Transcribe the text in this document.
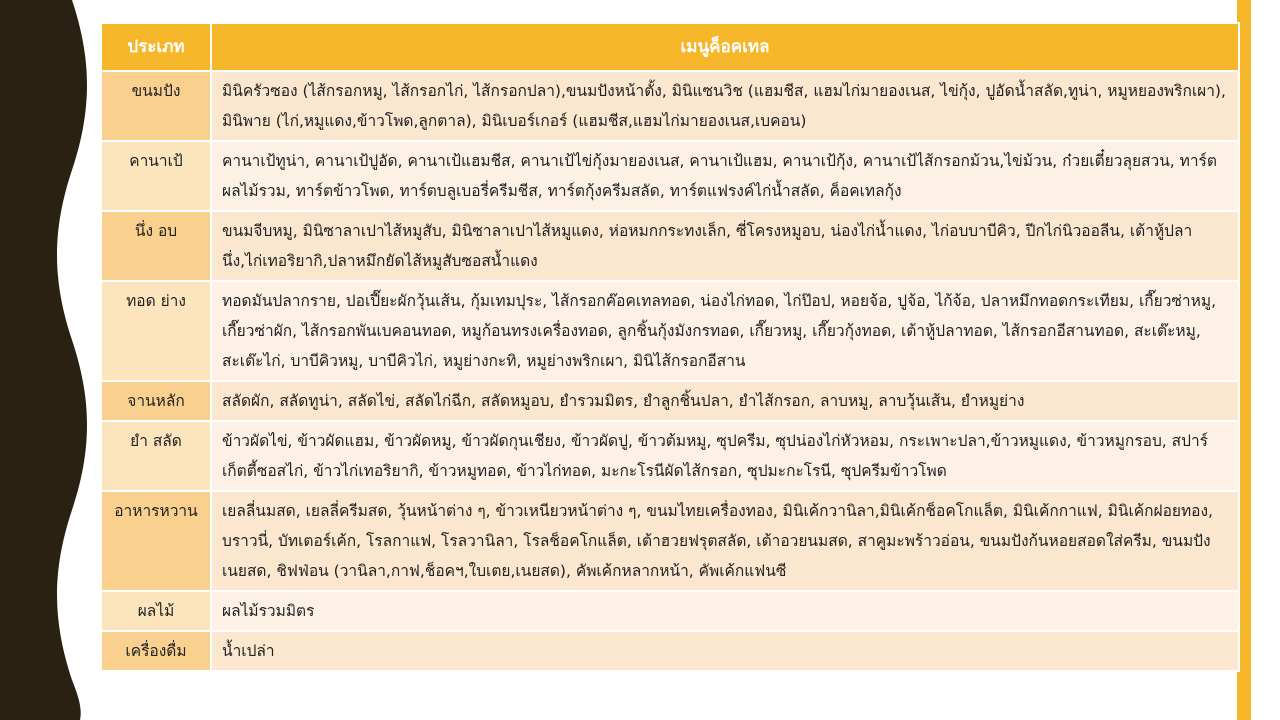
ประเภท	เมนูค็อคเทล
ขนมปัง	มินิครัวซอง (ไส้กรอกหมู, ไส้กรอกไก่, ไส้กรอกปลา),ขนมปังหน้าตั้ง, มินิแซนวิช (แฮมชีส, แฮมไก่มายองเนส, ไข่กุ้ง, ปูอัดน้ำสลัด,ทูน่า, หมูหยองพริกเผา), มินิพาย (ไก่,หมูแดง,ข้าวโพด,ลูกตาล), มินิเบอร์เกอร์ (แฮมชีส,แฮมไก่มายองเนส,เบคอน)
คานาเป้	คานาเป้ทูน่า, คานาเป้ปูอัด, คานาเป้แฮมชีส, คานาเป้ไข่กุ้งมายองเนส, คานาเป้แฮม, คานาเป้กุ้ง, คานาเป้ไส้กรอกม้วน,ไข่ม้วน, ก๋วยเตี๋ยวลุยสวน, ทาร์ตผลไม้รวม, ทาร์ตข้าวโพด, ทาร์ตบลูเบอรี่ครีมชีส, ทาร์ตกุ้งครีมสลัด, ทาร์ตแฟรงค์ไก่น้ำสลัด, ค็อคเทลกุ้ง
นึ่ง อบ	ขนมจีบหมู, มินิซาลาเปาไส้หมูสับ, มินิซาลาเปาไส้หมูแดง, ห่อหมกกระทงเล็ก, ซี่โครงหมูอบ, น่องไก่น้ำแดง, ไก่อบบาบีคิว, ปีกไก่นิวออลีน, เต้าหู้ปลานึ่ง,ไก่เทอริยากิ,ปลาหมึกยัดไส้หมูสับซอสน้ำแดง
ทอด ย่าง	ทอดมันปลากราย, ปอเปี๊ยะผักวุ้นเส้น, กุ้มเทมปุระ, ไส้กรอกค๊อคเทลทอด, น่องไก่ทอด, ไก่ป๊อป, หอยจ้อ, ปูจ้อ, ไก้จ้อ, ปลาหมึกทอดกระเทียม, เกี๊ยวซ่าหมู, เกี๊ยวซ่าผัก, ไส้กรอกพันเบคอนทอด, หมูก้อนทรงเครื่องทอด, ลูกชิ้นกุ้งมังกรทอด, เกี๊ยวหมู, เกี๊ยวกุ้งทอด, เต้าหู้ปลาทอด, ไส้กรอกอีสานทอด, สะเต๊ะหมู, สะเต๊ะไก่, บาบีคิวหมู, บาบีคิวไก่, หมูย่างกะทิ, หมูย่างพริกเผา, มินิไส้กรอกอีสาน
จานหลัก	สลัดผัก, สลัดทูน่า, สลัดไข่, สลัดไก่ฉีก, สลัดหมูอบ, ยำรวมมิตร, ยำลูกชิ้นปลา, ยำไส้กรอก, ลาบหมู, ลาบวุ้นเส้น, ยำหมูย่าง
ยำ สลัด	ข้าวผัดไข่, ข้าวผัดแฮม, ข้าวผัดหมู, ข้าวผัดกุนเชียง, ข้าวผัดปู, ข้าวต้มหมู, ซุปครีม, ซุปน่องไก่หัวหอม, กระเพาะปลา,ข้าวหมูแดง, ข้าวหมูกรอบ, สปาร์เก็ตตี้ซอสไก่, ข้าวไก่เทอริยากิ, ข้าวหมูทอด, ข้าวไก่ทอด, มะกะโรนีผัดไส้กรอก, ซุปมะกะโรนี, ซุปครีมข้าวโพด
อาหารหวาน	เยลลี่นมสด, เยลลี่ครีมสด, วุ้นหน้าต่าง ๆ, ข้าวเหนียวหน้าต่าง ๆ, ขนมไทยเครื่องทอง, มินิเค้กวานิลา,มินิเค้กช็อคโกแล็ต, มินิเค้กกาแฟ, มินิเค้กฝอยทอง, บราวนี่, บัทเตอร์เค้ก, โรลกาแฟ, โรลวานิลา, โรลช็อคโกแล็ต, เต้าฮวยฟรุตสลัด, เต้าอวยนมสด, สาคูมะพร้าวอ่อน, ขนมปังก้นหอยสอดใส่ครีม, ขนมปังเนยสด, ชิฟฟ่อน (วานิลา,กาฟ,ช็อคฯ,ใบเตย,เนยสด), คัพเค้กหลากหน้า, คัพเค้กแฟนซี
ผลไม้	ผลไม้รวมมิตร
เครื่องดื่ม	น้ำเปล่า
